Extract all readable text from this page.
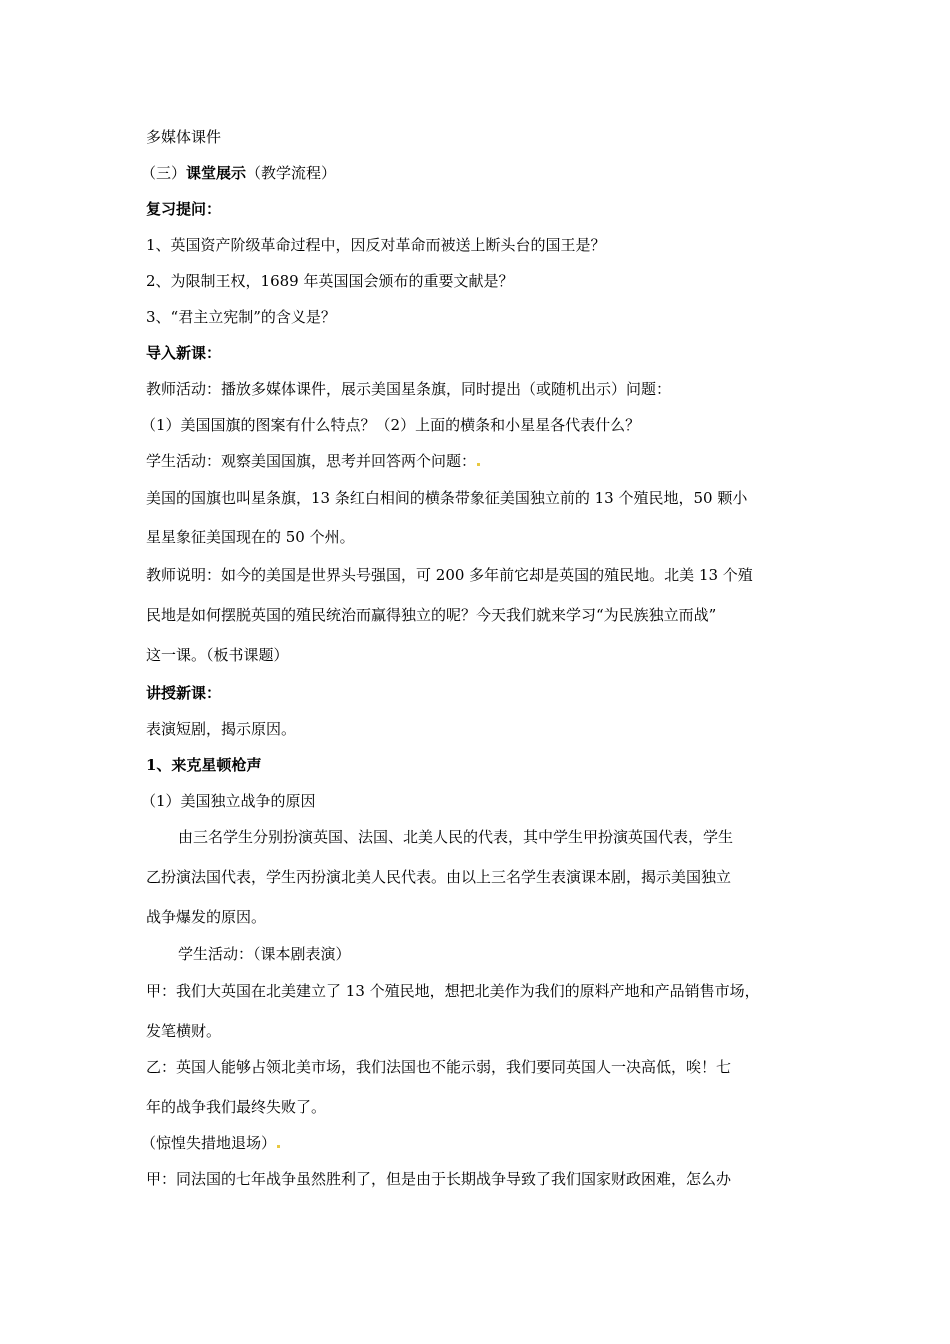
多媒体课件
（三）课堂展示（教学流程）
复习提问：
1、英国资产阶级革命过程中，因反对革命而被送上断头台的国王是？
2、为限制王权，1689 年英国国会颁布的重要文献是？
3、“君主立宪制”的含义是？
导入新课：
教师活动：播放多媒体课件，展示美国星条旗，同时提出（或随机出示）问题：
（1）美国国旗的图案有什么特点？（2）上面的横条和小星星各代表什么？
学生活动：观察美国国旗，思考并回答两个问题：
美国的国旗也叫星条旗，13 条红白相间的横条带象征美国独立前的 13 个殖民地，50 颗小
星星象征美国现在的 50 个州。
教师说明：如今的美国是世界头号强国，可 200 多年前它却是英国的殖民地。北美 13 个殖
民地是如何摆脱英国的殖民统治而赢得独立的呢？今天我们就来学习“为民族独立而战”
这一课。（板书课题）
讲授新课：
表演短剧，揭示原因。
1、来克星顿枪声
（1）美国独立战争的原因
由三名学生分别扮演英国、法国、北美人民的代表，其中学生甲扮演英国代表，学生
乙扮演法国代表，学生丙扮演北美人民代表。由以上三名学生表演课本剧，揭示美国独立
战争爆发的原因。
学生活动：（课本剧表演）
甲：我们大英国在北美建立了 13 个殖民地，想把北美作为我们的原料产地和产品销售市场，
发笔横财。
乙：英国人能够占领北美市场，我们法国也不能示弱，我们要同英国人一决高低，唉！七
年的战争我们最终失败了。
（惊惶失措地退场）
甲：同法国的七年战争虽然胜利了，但是由于长期战争导致了我们国家财政困难，怎么办
